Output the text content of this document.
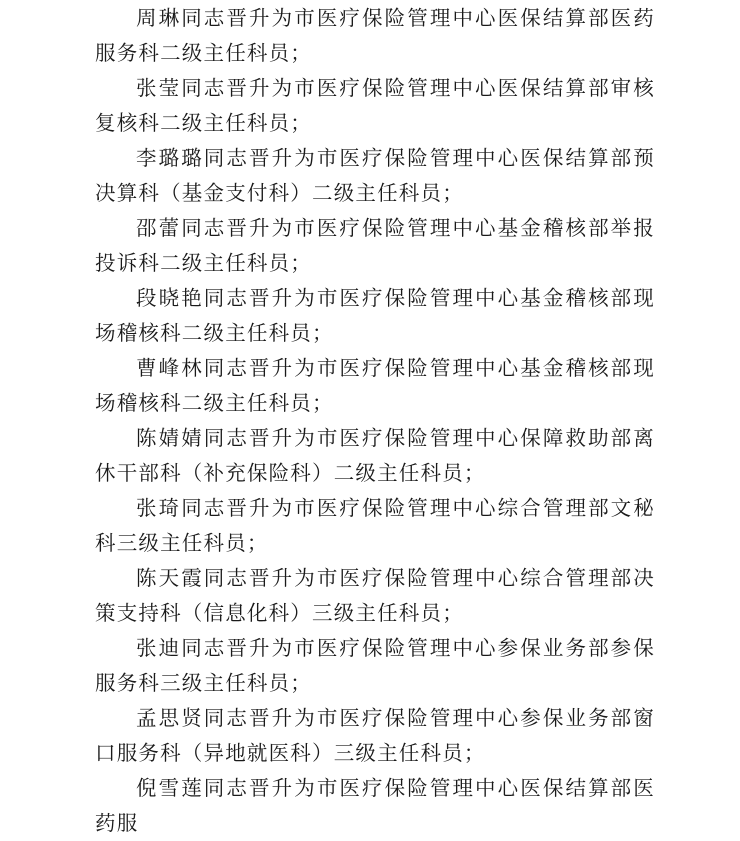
周琳同志晋升为市医疗保险管理中心医保结算部医药服务科二级主任科员；

张莹同志晋升为市医疗保险管理中心医保结算部审核复核科二级主任科员；

李璐璐同志晋升为市医疗保险管理中心医保结算部预决算科（基金支付科）二级主任科员；

邵蕾同志晋升为市医疗保险管理中心基金稽核部举报投诉科二级主任科员；

段晓艳同志晋升为市医疗保险管理中心基金稽核部现场稽核科二级主任科员；

曹峰林同志晋升为市医疗保险管理中心基金稽核部现场稽核科二级主任科员；

陈婧婧同志晋升为市医疗保险管理中心保障救助部离休干部科（补充保险科）二级主任科员；

张琦同志晋升为市医疗保险管理中心综合管理部文秘科三级主任科员；

陈天霞同志晋升为市医疗保险管理中心综合管理部决策支持科（信息化科）三级主任科员；

张迪同志晋升为市医疗保险管理中心参保业务部参保服务科三级主任科员；

孟思贤同志晋升为市医疗保险管理中心参保业务部窗口服务科（异地就医科）三级主任科员；

倪雪莲同志晋升为市医疗保险管理中心医保结算部医药服
